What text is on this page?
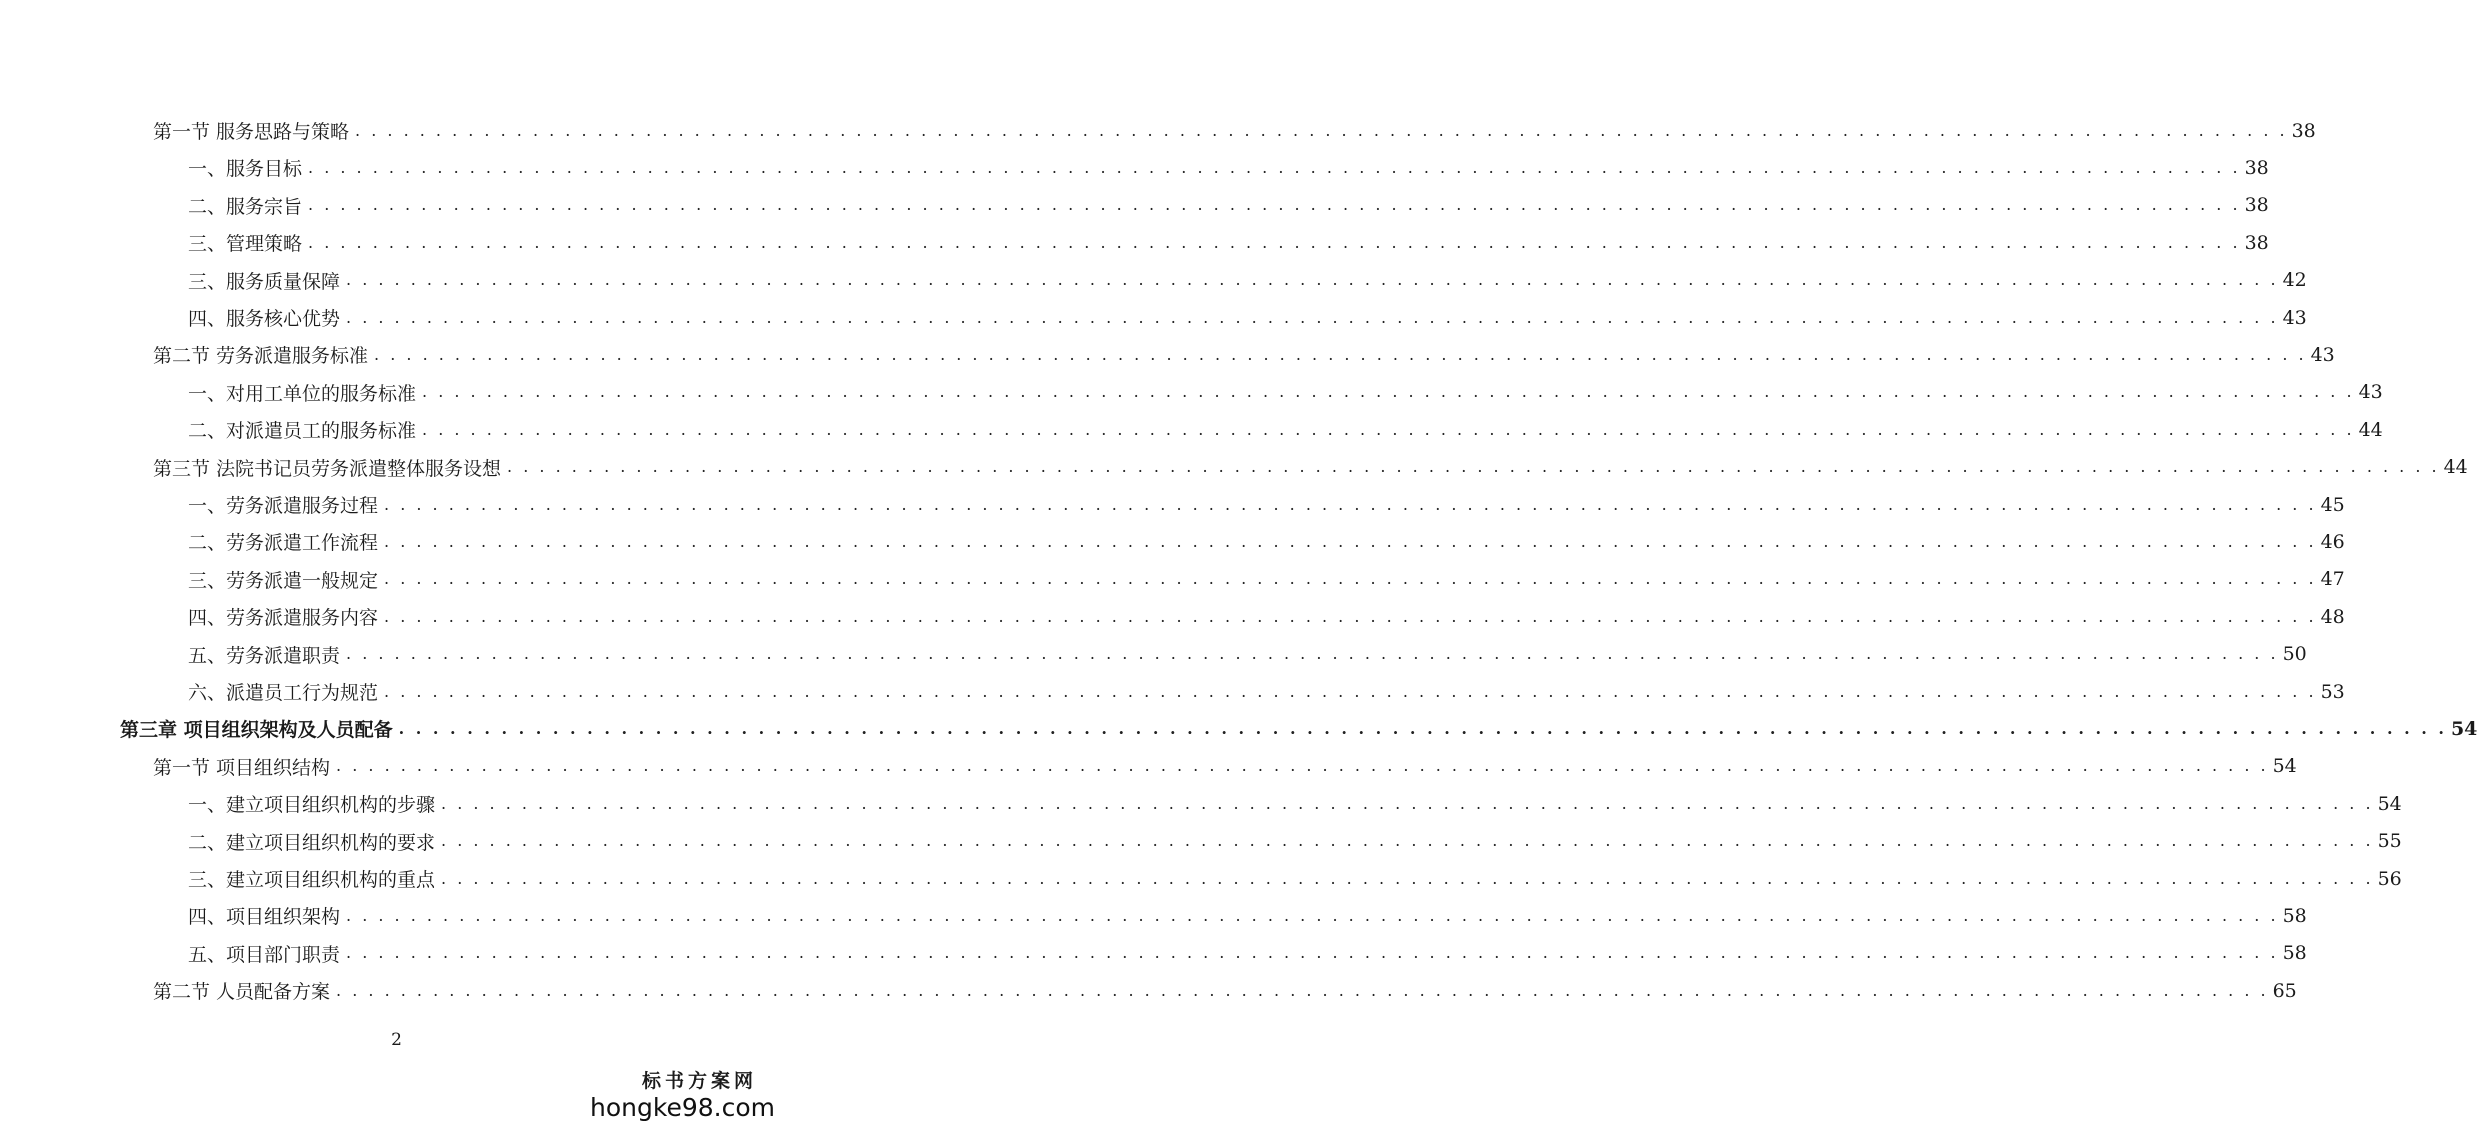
第一节 服务思路与策略 . . . . . . . . . . . . . . . . . . . . . . . . . . . . . . . . . . . . . . . . . . . . . . . . . . . . . . . . . . . . . . . . . . . . . . . . . . . . . . . . . . . . . . . . . . . . . . . . . . . . . . . . . . . . . . . . . . . . . . . . 38
一、服务目标 . . . . . . . . . . . . . . . . . . . . . . . . . . . . . . . . . . . . . . . . . . . . . . . . . . . . . . . . . . . . . . . . . . . . . . . . . . . . . . . . . . . . . . . . . . . . . . . . . . . . . . . . . . . . . . . . . . . . . . . . 38
二、服务宗旨 . . . . . . . . . . . . . . . . . . . . . . . . . . . . . . . . . . . . . . . . . . . . . . . . . . . . . . . . . . . . . . . . . . . . . . . . . . . . . . . . . . . . . . . . . . . . . . . . . . . . . . . . . . . . . . . . . . . . . . . . 38
三、管理策略 . . . . . . . . . . . . . . . . . . . . . . . . . . . . . . . . . . . . . . . . . . . . . . . . . . . . . . . . . . . . . . . . . . . . . . . . . . . . . . . . . . . . . . . . . . . . . . . . . . . . . . . . . . . . . . . . . . . . . . . . 38
三、服务质量保障 . . . . . . . . . . . . . . . . . . . . . . . . . . . . . . . . . . . . . . . . . . . . . . . . . . . . . . . . . . . . . . . . . . . . . . . . . . . . . . . . . . . . . . . . . . . . . . . . . . . . . . . . . . . . . . . . . . . . . . . . 42
四、服务核心优势 . . . . . . . . . . . . . . . . . . . . . . . . . . . . . . . . . . . . . . . . . . . . . . . . . . . . . . . . . . . . . . . . . . . . . . . . . . . . . . . . . . . . . . . . . . . . . . . . . . . . . . . . . . . . . . . . . . . . . . . . 43
第二节 劳务派遣服务标准 . . . . . . . . . . . . . . . . . . . . . . . . . . . . . . . . . . . . . . . . . . . . . . . . . . . . . . . . . . . . . . . . . . . . . . . . . . . . . . . . . . . . . . . . . . . . . . . . . . . . . . . . . . . . . . . . . . . . . . . . 43
一、对用工单位的服务标准 . . . . . . . . . . . . . . . . . . . . . . . . . . . . . . . . . . . . . . . . . . . . . . . . . . . . . . . . . . . . . . . . . . . . . . . . . . . . . . . . . . . . . . . . . . . . . . . . . . . . . . . . . . . . . . . . . . . . . . . . 43
二、对派遣员工的服务标准 . . . . . . . . . . . . . . . . . . . . . . . . . . . . . . . . . . . . . . . . . . . . . . . . . . . . . . . . . . . . . . . . . . . . . . . . . . . . . . . . . . . . . . . . . . . . . . . . . . . . . . . . . . . . . . . . . . . . . . . . 44
第三节 法院书记员劳务派遣整体服务设想 . . . . . . . . . . . . . . . . . . . . . . . . . . . . . . . . . . . . . . . . . . . . . . . . . . . . . . . . . . . . . . . . . . . . . . . . . . . . . . . . . . . . . . . . . . . . . . . . . . . . . . . . . . . . . . . . . . . . . . . . 44
一、劳务派遣服务过程 . . . . . . . . . . . . . . . . . . . . . . . . . . . . . . . . . . . . . . . . . . . . . . . . . . . . . . . . . . . . . . . . . . . . . . . . . . . . . . . . . . . . . . . . . . . . . . . . . . . . . . . . . . . . . . . . . . . . . . . . 45
二、劳务派遣工作流程 . . . . . . . . . . . . . . . . . . . . . . . . . . . . . . . . . . . . . . . . . . . . . . . . . . . . . . . . . . . . . . . . . . . . . . . . . . . . . . . . . . . . . . . . . . . . . . . . . . . . . . . . . . . . . . . . . . . . . . . . 46
三、劳务派遣一般规定 . . . . . . . . . . . . . . . . . . . . . . . . . . . . . . . . . . . . . . . . . . . . . . . . . . . . . . . . . . . . . . . . . . . . . . . . . . . . . . . . . . . . . . . . . . . . . . . . . . . . . . . . . . . . . . . . . . . . . . . . 47
四、劳务派遣服务内容 . . . . . . . . . . . . . . . . . . . . . . . . . . . . . . . . . . . . . . . . . . . . . . . . . . . . . . . . . . . . . . . . . . . . . . . . . . . . . . . . . . . . . . . . . . . . . . . . . . . . . . . . . . . . . . . . . . . . . . . . 48
五、劳务派遣职责 . . . . . . . . . . . . . . . . . . . . . . . . . . . . . . . . . . . . . . . . . . . . . . . . . . . . . . . . . . . . . . . . . . . . . . . . . . . . . . . . . . . . . . . . . . . . . . . . . . . . . . . . . . . . . . . . . . . . . . . . 50
六、派遣员工行为规范 . . . . . . . . . . . . . . . . . . . . . . . . . . . . . . . . . . . . . . . . . . . . . . . . . . . . . . . . . . . . . . . . . . . . . . . . . . . . . . . . . . . . . . . . . . . . . . . . . . . . . . . . . . . . . . . . . . . . . . . . 53
第三章 项目组织架构及人员配备 . . . . . . . . . . . . . . . . . . . . . . . . . . . . . . . . . . . . . . . . . . . . . . . . . . . . . . . . . . . . . . . . . . . . . . . . . . . . . . . . . . . . . . . . . . . . . . . . . . . . . . . . . . . . . . . . . . . . . . . . 54
第一节 项目组织结构 . . . . . . . . . . . . . . . . . . . . . . . . . . . . . . . . . . . . . . . . . . . . . . . . . . . . . . . . . . . . . . . . . . . . . . . . . . . . . . . . . . . . . . . . . . . . . . . . . . . . . . . . . . . . . . . . . . . . . . . . 54
一、建立项目组织机构的步骤 . . . . . . . . . . . . . . . . . . . . . . . . . . . . . . . . . . . . . . . . . . . . . . . . . . . . . . . . . . . . . . . . . . . . . . . . . . . . . . . . . . . . . . . . . . . . . . . . . . . . . . . . . . . . . . . . . . . . . . . . 54
二、建立项目组织机构的要求 . . . . . . . . . . . . . . . . . . . . . . . . . . . . . . . . . . . . . . . . . . . . . . . . . . . . . . . . . . . . . . . . . . . . . . . . . . . . . . . . . . . . . . . . . . . . . . . . . . . . . . . . . . . . . . . . . . . . . . . . 55
三、建立项目组织机构的重点 . . . . . . . . . . . . . . . . . . . . . . . . . . . . . . . . . . . . . . . . . . . . . . . . . . . . . . . . . . . . . . . . . . . . . . . . . . . . . . . . . . . . . . . . . . . . . . . . . . . . . . . . . . . . . . . . . . . . . . . . 56
四、项目组织架构 . . . . . . . . . . . . . . . . . . . . . . . . . . . . . . . . . . . . . . . . . . . . . . . . . . . . . . . . . . . . . . . . . . . . . . . . . . . . . . . . . . . . . . . . . . . . . . . . . . . . . . . . . . . . . . . . . . . . . . . . 58
五、项目部门职责 . . . . . . . . . . . . . . . . . . . . . . . . . . . . . . . . . . . . . . . . . . . . . . . . . . . . . . . . . . . . . . . . . . . . . . . . . . . . . . . . . . . . . . . . . . . . . . . . . . . . . . . . . . . . . . . . . . . . . . . . 58
第二节 人员配备方案 . . . . . . . . . . . . . . . . . . . . . . . . . . . . . . . . . . . . . . . . . . . . . . . . . . . . . . . . . . . . . . . . . . . . . . . . . . . . . . . . . . . . . . . . . . . . . . . . . . . . . . . . . . . . . . . . . . . . . . . . 65
2
标书方案网
hongke98.com
